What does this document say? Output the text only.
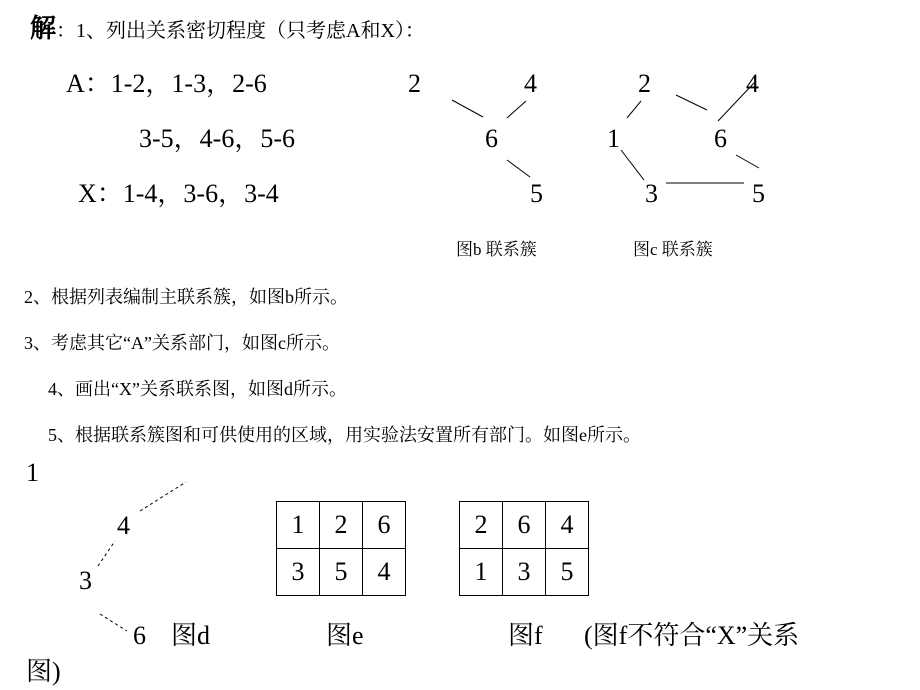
解：1、列出关系密切程度（只考虑A和X）：
A：1-2，1-3，2-6
3-5，4-6，5-6
X：1-4，3-6，3-4
2	4
6
5
图b 联系簇
2	4
1	6
3	5
图c 联系簇
2、根据列表编制主联系簇，如图b所示。
3、考虑其它“A”关系部门，如图c所示。
4、画出“X”关系联系图，如图d所示。
5、根据联系簇图和可供使用的区域，用实验法安置所有部门。如图e所示。
1
4
3
6 图d
1	2	6
3	5	4
图e
2	6	4
1	3	5
图f (图f不符合“X”关系
图)
